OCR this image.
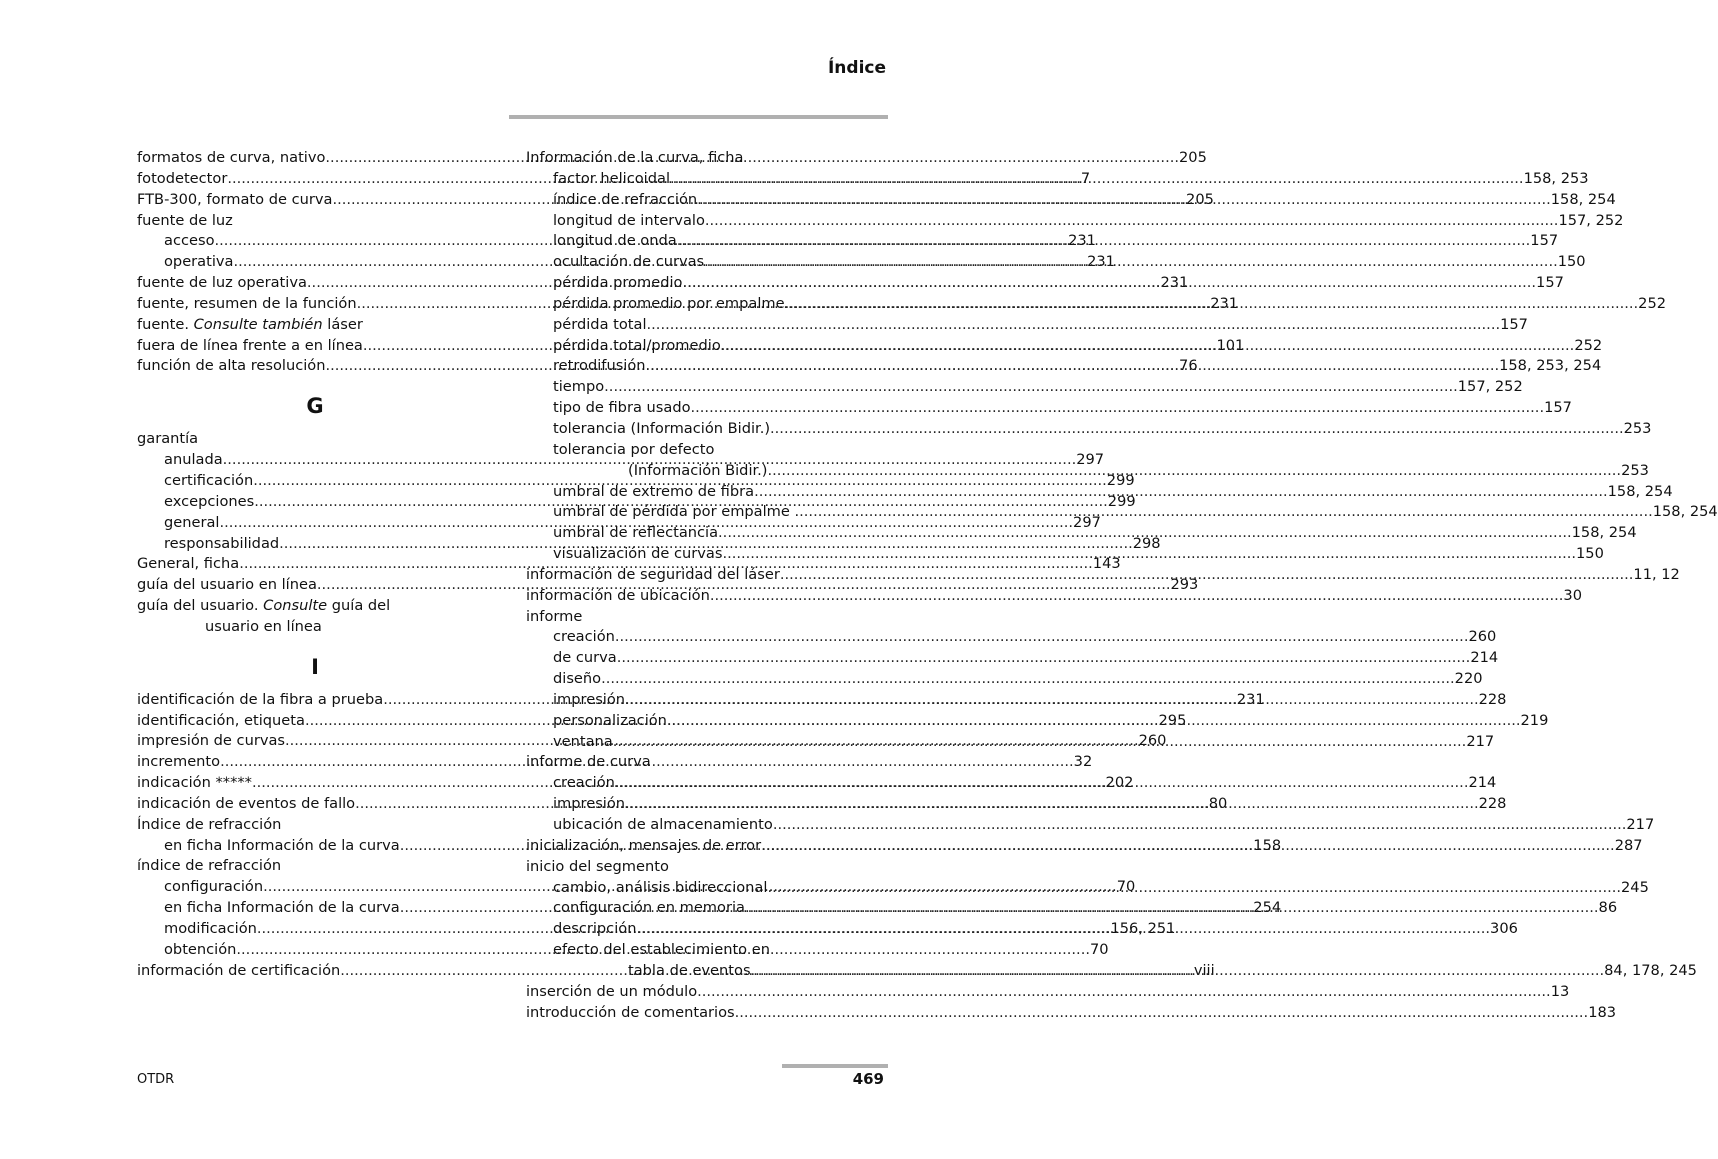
Índice
formatos de curva, nativo .....	205
fotodetector .....	7
FTB-300, formato de curva .....	205
fuente de luz
acceso .....	231
operativa .....	231
fuente de luz operativa .....	231
fuente, resumen de la función .....	231
fuente. Consulte también láser
fuera de línea frente a en línea .....	101
función de alta resolución .....	76
G
garantía
anulada .....	297
certificación .....	299
excepciones .....	299
general .....	297
responsabilidad .....	298
General, ficha .....	143
guía del usuario en línea .....	293
guía del usuario. Consulte guía del
usuario en línea
I
identificación de la fibra a prueba .....	231
identificación, etiqueta .....	295
impresión de curvas .....	260
incremento .....	32
indicación ***** .....	202
indicación de eventos de fallo .....	80
Índice de refracción
en ficha Información de la curva .....	158
índice de refracción
configuración .....	70
en ficha Información de la curva .....	254
modificación .....	156, 251
obtención .....	70
información de certificación .....	viii
Información de la curva, ficha
factor helicoidal .....	158, 253
índice de refracción .....	158, 254
longitud de intervalo .....	157, 252
longitud de onda .....	157
ocultación de curvas .....	150
pérdida promedio .....	157
pérdida promedio por empalme .....	252
pérdida total .....	157
pérdida total/promedio .....	252
retrodifusión .....	158, 253, 254
tiempo .....	157, 252
tipo de fibra usado .....	157
tolerancia (Información Bidir.) .....	253
tolerancia por defecto
(Información Bidir.) .....	253
umbral de extremo de fibra .....	158, 254
umbral de pérdida por empalme . .....	158, 254
umbral de reflectancia .....	158, 254
visualización de curvas .....	150
información de seguridad del láser .....	11, 12
información de ubicación .....	30
informe
creación .....	260
de curva .....	214
diseño .....	220
impresión .....	228
personalización .....	219
ventana .....	217
informe de curva
creación .....	214
impresión .....	228
ubicación de almacenamiento .....	217
inicialización, mensajes de error .....	287
inicio del segmento
cambio, análisis bidireccional .....	245
configuración en memoria .....	86
descripción .....	306
efecto del establecimiento en
tabla de eventos .....	84, 178, 245
inserción de un módulo .....	13
introducción de comentarios .....	183
OTDR	469
